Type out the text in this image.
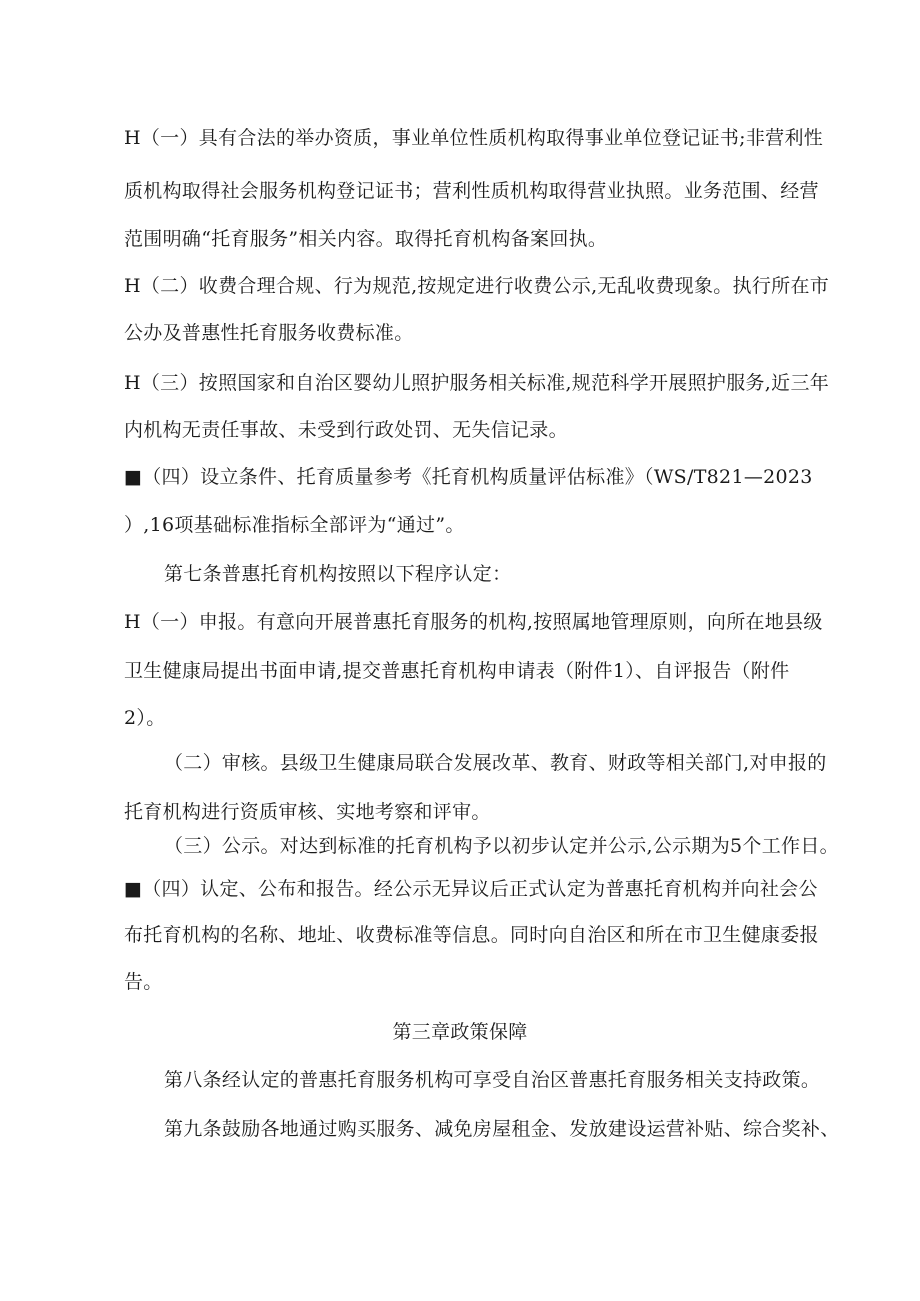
H（一）具有合法的举办资质，事业单位性质机构取得事业单位登记证书;非营利性

质机构取得社会服务机构登记证书；营利性质机构取得营业执照。业务范围、经营

范围明确“托育服务”相关内容。取得托育机构备案回执。

H（二）收费合理合规、行为规范,按规定进行收费公示,无乱收费现象。执行所在市

公办及普惠性托育服务收费标准。

H（三）按照国家和自治区婴幼儿照护服务相关标准,规范科学开展照护服务,近三年

内机构无责任事故、未受到行政处罚、无失信记录。

■（四）设立条件、托育质量参考《托育机构质量评估标准》（WS/T821—2023

）,16项基础标准指标全部评为“通过”。

第七条普惠托育机构按照以下程序认定：

H（一）申报。有意向开展普惠托育服务的机构,按照属地管理原则，向所在地县级

卫生健康局提出书面申请,提交普惠托育机构申请表（附件1）、自评报告（附件

2）。

（二）审核。县级卫生健康局联合发展改革、教育、财政等相关部门,对申报的

托育机构进行资质审核、实地考察和评审。

（三）公示。对达到标准的托育机构予以初步认定并公示,公示期为5个工作日。

■（四）认定、公布和报告。经公示无异议后正式认定为普惠托育机构并向社会公

布托育机构的名称、地址、收费标准等信息。同时向自治区和所在市卫生健康委报

告。

第三章政策保障

第八条经认定的普惠托育服务机构可享受自治区普惠托育服务相关支持政策。

第九条鼓励各地通过购买服务、减免房屋租金、发放建设运营补贴、综合奖补、
